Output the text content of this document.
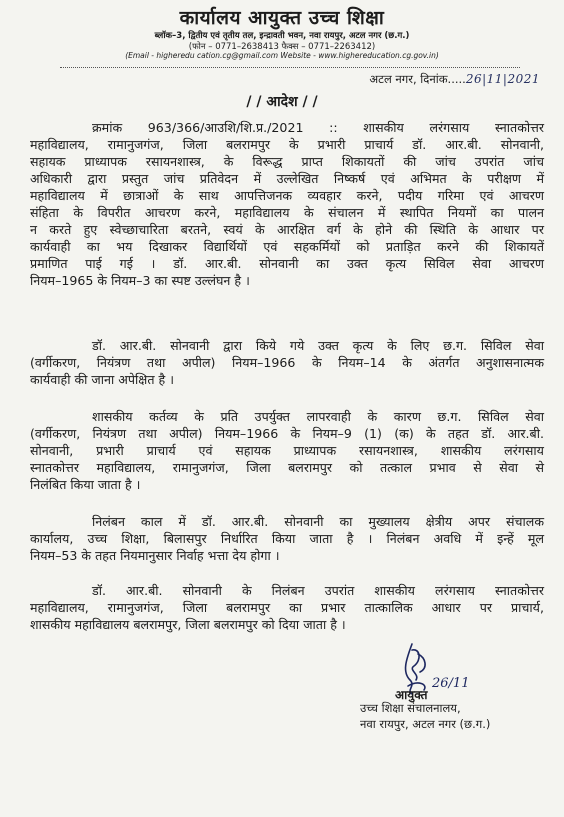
कार्यालय आयुक्त उच्च शिक्षा
ब्लॉक–3, द्वितीय एवं तृतीय तल, इन्द्रावती भवन, नवा रायपुर, अटल नगर (छ.ग.)
(फोन – 0771–2638413 फैक्स – 0771–2263412)
(Email - higheredu cation.cg@gmail.com Website - www.highereducation.cg.gov.in)
अटल नगर, दिनांक.....26|11|2021
/ / आदेश / /
क्रमांक 963/366/आउशि/शि.प्र./2021 :: शासकीय लरंगसाय स्नातकोत्तर
महाविद्यालय, रामानुजगंज, जिला बलरामपुर के प्रभारी प्राचार्य डॉ. आर.बी. सोनवानी,
सहायक प्राध्यापक रसायनशास्त्र, के विरूद्ध प्राप्त शिकायतों की जांच उपरांत जांच
अधिकारी द्वारा प्रस्तुत जांच प्रतिवेदन में उल्लेखित निष्कर्ष एवं अभिमत के परीक्षण में
महाविद्यालय में छात्राओं के साथ आपत्तिजनक व्यवहार करने, पदीय गरिमा एवं आचरण
संहिता के विपरीत आचरण करने, महाविद्यालय के संचालन में स्थापित नियमों का पालन
न करते हुए स्वेच्छाचारिता बरतने, स्वयं के आरक्षित वर्ग के होने की स्थिति के आधार पर
कार्यवाही का भय दिखाकर विद्यार्थियों एवं सहकर्मियों को प्रताड़ित करने की शिकायतें
प्रमाणित पाई गई । डॉ. आर.बी. सोनवानी का उक्त कृत्य सिविल सेवा आचरण
नियम–1965 के नियम–3 का स्पष्ट उल्लंघन है ।
डॉ. आर.बी. सोनवानी द्वारा किये गये उक्त कृत्य के लिए छ.ग. सिविल सेवा
(वर्गीकरण, नियंत्रण तथा अपील) नियम–1966 के नियम–14 के अंतर्गत अनुशासनात्मक
कार्यवाही की जाना अपेक्षित है ।
शासकीय कर्तव्य के प्रति उपर्युक्त लापरवाही के कारण छ.ग. सिविल सेवा
(वर्गीकरण, नियंत्रण तथा अपील) नियम–1966 के नियम–9 (1) (क) के तहत डॉ. आर.बी.
सोनवानी, प्रभारी प्राचार्य एवं सहायक प्राध्यापक रसायनशास्त्र, शासकीय लरंगसाय
स्नातकोत्तर महाविद्यालय, रामानुजगंज, जिला बलरामपुर को तत्काल प्रभाव से सेवा से
निलंबित किया जाता है ।
निलंबन काल में डॉ. आर.बी. सोनवानी का मुख्यालय क्षेत्रीय अपर संचालक
कार्यालय, उच्च शिक्षा, बिलासपुर निर्धारित किया जाता है । निलंबन अवधि में इन्हें मूल
नियम–53 के तहत नियमानुसार निर्वाह भत्ता देय होगा ।
डॉ. आर.बी. सोनवानी के निलंबन उपरांत शासकीय लरंगसाय स्नातकोत्तर
महाविद्यालय, रामानुजगंज, जिला बलरामपुर का प्रभार तात्कालिक आधार पर प्राचार्य,
शासकीय महाविद्यालय बलरामपुर, जिला बलरामपुर को दिया जाता है ।
आयुक्त
26/11
उच्च शिक्षा संचालनालय,
नवा रायपुर, अटल नगर (छ.ग.)
